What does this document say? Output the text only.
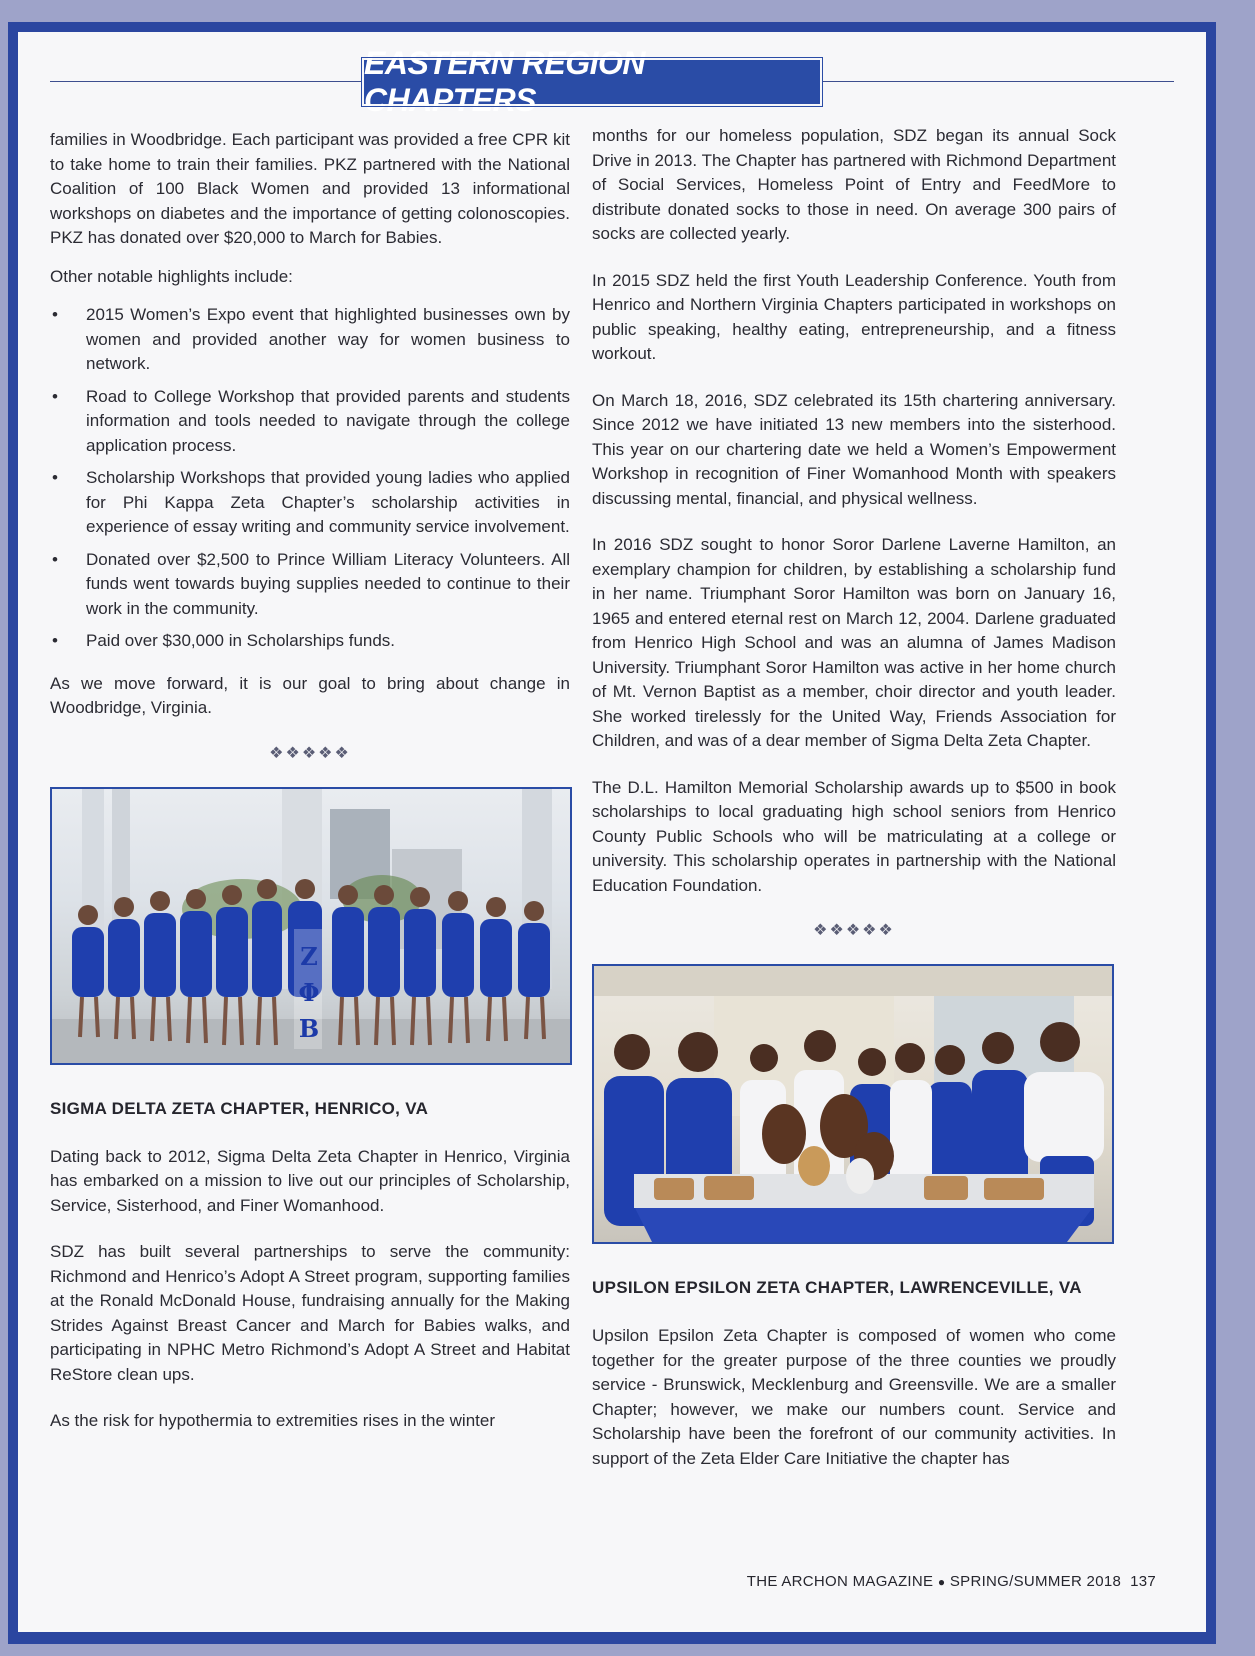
EASTERN REGION CHAPTERS

families in Woodbridge. Each participant was provided a free CPR kit to take home to train their families. PKZ partnered with the National Coalition of 100 Black Women and provided 13 informational workshops on diabetes and the importance of getting colonoscopies. PKZ has donated over $20,000 to March for Babies.

Other notable highlights include:

• 2015 Women’s Expo event that highlighted businesses own by women and provided another way for women business to network.
• Road to College Workshop that provided parents and students information and tools needed to navigate through the college application process.
• Scholarship Workshops that provided young ladies who applied for Phi Kappa Zeta Chapter’s scholarship activities in experience of essay writing and community service involvement.
• Donated over $2,500 to Prince William Literacy Volunteers. All funds went towards buying supplies needed to continue to their work in the community.
• Paid over $30,000 in Scholarships funds.

As we move forward, it is our goal to bring about change in Woodbridge, Virginia.

❖❖❖❖❖
ZΦB
SIGMA DELTA ZETA CHAPTER, HENRICO, VA

Dating back to 2012, Sigma Delta Zeta Chapter in Henrico, Virginia has embarked on a mission to live out our principles of Scholarship, Service, Sisterhood, and Finer Womanhood.

SDZ has built several partnerships to serve the community: Richmond and Henrico’s Adopt A Street program, supporting families at the Ronald McDonald House, fundraising annually for the Making Strides Against Breast Cancer and March for Babies walks, and participating in NPHC Metro Richmond’s Adopt A Street and Habitat ReStore clean ups.

As the risk for hypothermia to extremities rises in the winter

months for our homeless population, SDZ began its annual Sock Drive in 2013. The Chapter has partnered with Richmond Department of Social Services, Homeless Point of Entry and FeedMore to distribute donated socks to those in need. On average 300 pairs of socks are collected yearly.

In 2015 SDZ held the first Youth Leadership Conference. Youth from Henrico and Northern Virginia Chapters participated in workshops on public speaking, healthy eating, entrepreneurship, and a fitness workout.

On March 18, 2016, SDZ celebrated its 15th chartering anniversary. Since 2012 we have initiated 13 new members into the sisterhood. This year on our chartering date we held a Women’s Empowerment Workshop in recognition of Finer Womanhood Month with speakers discussing mental, financial, and physical wellness.

In 2016 SDZ sought to honor Soror Darlene Laverne Hamilton, an exemplary champion for children, by establishing a scholarship fund in her name. Triumphant Soror Hamilton was born on January 16, 1965 and entered eternal rest on March 12, 2004. Darlene graduated from Henrico High School and was an alumna of James Madison University. Triumphant Soror Hamilton was active in her home church of Mt. Vernon Baptist as a member, choir director and youth leader. She worked tirelessly for the United Way, Friends Association for Children, and was of a dear member of Sigma Delta Zeta Chapter.

The D.L. Hamilton Memorial Scholarship awards up to $500 in book scholarships to local graduating high school seniors from Henrico County Public Schools who will be matriculating at a college or university. This scholarship operates in partnership with the National Education Foundation.

❖❖❖❖❖
UPSILON EPSILON ZETA CHAPTER, LAWRENCEVILLE, VA

Upsilon Epsilon Zeta Chapter is composed of women who come together for the greater purpose of the three counties we proudly service - Brunswick, Mecklenburg and Greensville. We are a smaller Chapter; however, we make our numbers count. Service and Scholarship have been the forefront of our community activities. In support of the Zeta Elder Care Initiative the chapter has

THE ARCHON MAGAZINE ● SPRING/SUMMER 2018 137
